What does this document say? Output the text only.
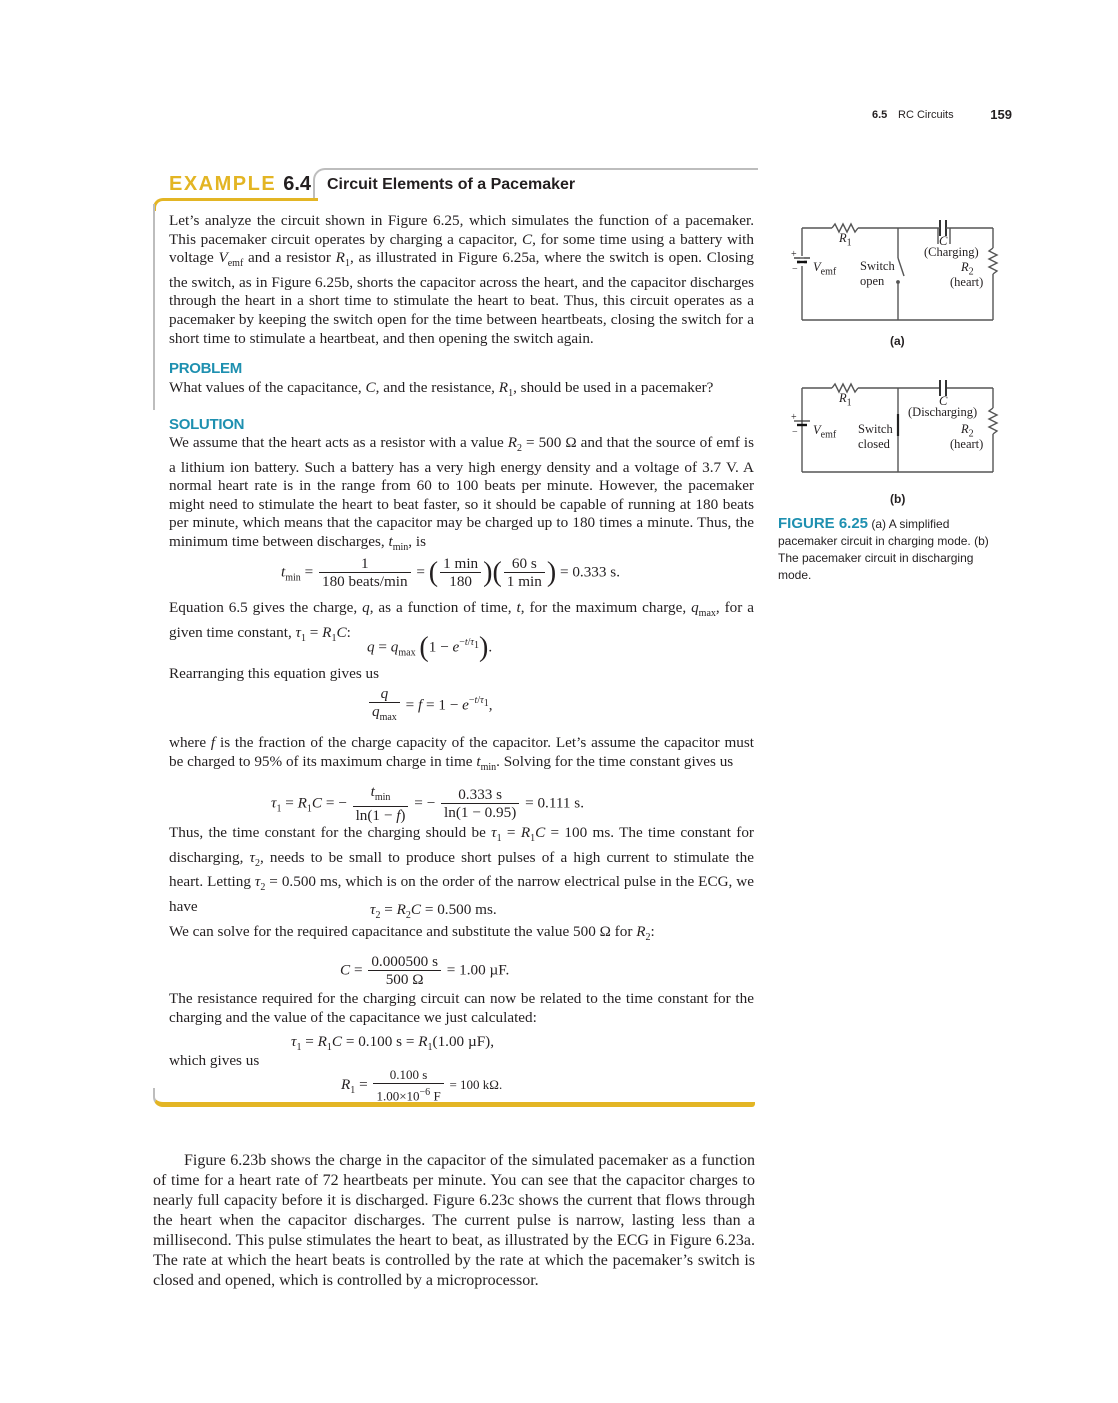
6.5 RC Circuits	159
EXAMPLE 6.4 Circuit Elements of a Pacemaker
Let’s analyze the circuit shown in Figure 6.25, which simulates the function of a pacemaker. This pacemaker circuit operates by charging a capacitor, C, for some time using a battery with voltage $V_{emf}$ and a resistor $R_1$, as illustrated in Figure 6.25a, where the switch is open. Closing the switch, as in Figure 6.25b, shorts the capacitor across the heart, and the capacitor discharges through the heart in a short time to stimulate the heart to beat. Thus, this circuit operates as a pacemaker by keeping the switch open for the time between heartbeats, closing the switch for a short time to stimulate a heartbeat, and then opening the switch again.
PROBLEM
What values of the capacitance, C, and the resistance, $R_1$, should be used in a pacemaker?
SOLUTION
We assume that the heart acts as a resistor with a value $R_2 = 500$ Ω and that the source of emf is a lithium ion battery. Such a battery has a very high energy density and a voltage of 3.7 V. A normal heart rate is in the range from 60 to 100 beats per minute. However, the pacemaker might need to stimulate the heart to beat faster, so it should be capable of running at 180 beats per minute, which means that the capacitor may be charged up to 180 times a minute. Thus, the minimum time between discharges, $t_{min}$, is
$t_{min} = \frac{1}{\text{180 beats/min}}$ = ( $\frac{1 \min}{180}$ )( $\frac{60 s}{1 \min}$ ) = 0.333 s.
Equation 6.5 gives the charge, q, as a function of time, t, for the maximum charge, $q_{max}$, for a given time constant, $\tau_1 = R_1C$:
$q = q_{max}$ $(1 - e^{-t/\tau_1})$.
Rearranging this equation gives us
$\frac{q}{q_{max}} = f = 1 - e^{-t/\tau_1}$,
where f is the fraction of the charge capacity of the capacitor. Let’s assume the capacitor must be charged to 95% of its maximum charge in time $t_{min}$. Solving for the time constant gives us
$\tau_1 = R_1C$ = − $\frac{t_{min}}{\ln(1 - f)}$ = − $\frac{0.333 s}{\ln(1 - 0.95)} = 0.111$ s.
Thus, the time constant for the charging should be $\tau_1 = R_1C = 100$ ms. The time constant for discharging, $\tau_2$, needs to be small to produce short pulses of a high current to stimulate the heart. Letting $\tau_2 = 0.500$ ms, which is on the order of the narrow electrical pulse in the ECG, we have	$\tau_2 = R_2C = 0.500$ ms.
We can solve for the required capacitance and substitute the value 500 Ω for $R_2$:
$C = \frac{0.000500 s}{500 \Omega} = 1.00$ µF.
The resistance required for the charging circuit can now be related to the time constant for the charging and the value of the capacitance we just calculated:
$\tau_1 = R_1C = 0.100$ $s = R_1(1.00$ µF),
which gives us
$R_1 = \frac{0.100 s}{1.00\times 10^{-6} F} = 100$ kΩ.

Figure 6.23b shows the charge in the capacitor of the simulated pacemaker as a function of time for a heart rate of 72 heartbeats per minute. You can see that the capacitor charges to nearly full capacity before it is discharged. Figure 6.23c shows the current that flows through the heart when the capacitor discharges. The current pulse is narrow, lasting less than a millisecond. This pulse stimulates the heart to beat, as illustrated by the ECG in Figure 6.23a. The rate at which the heart beats is controlled by the rate at which the pacemaker’s switch is closed and opened, which is controlled by a microprocessor.

+
−
$R_1$
$V_{emf}$ Switch
open
C
(Charging)
$R_2$
(heart)
(a)
+
−
$R_1$
$V_{emf}$ Switch
closed
C
(Discharging)
$R_2$
(heart)
(b)
FIGURE 6.25 (a) A simplified pacemaker circuit in charging mode. (b) The pacemaker circuit in discharging mode.
